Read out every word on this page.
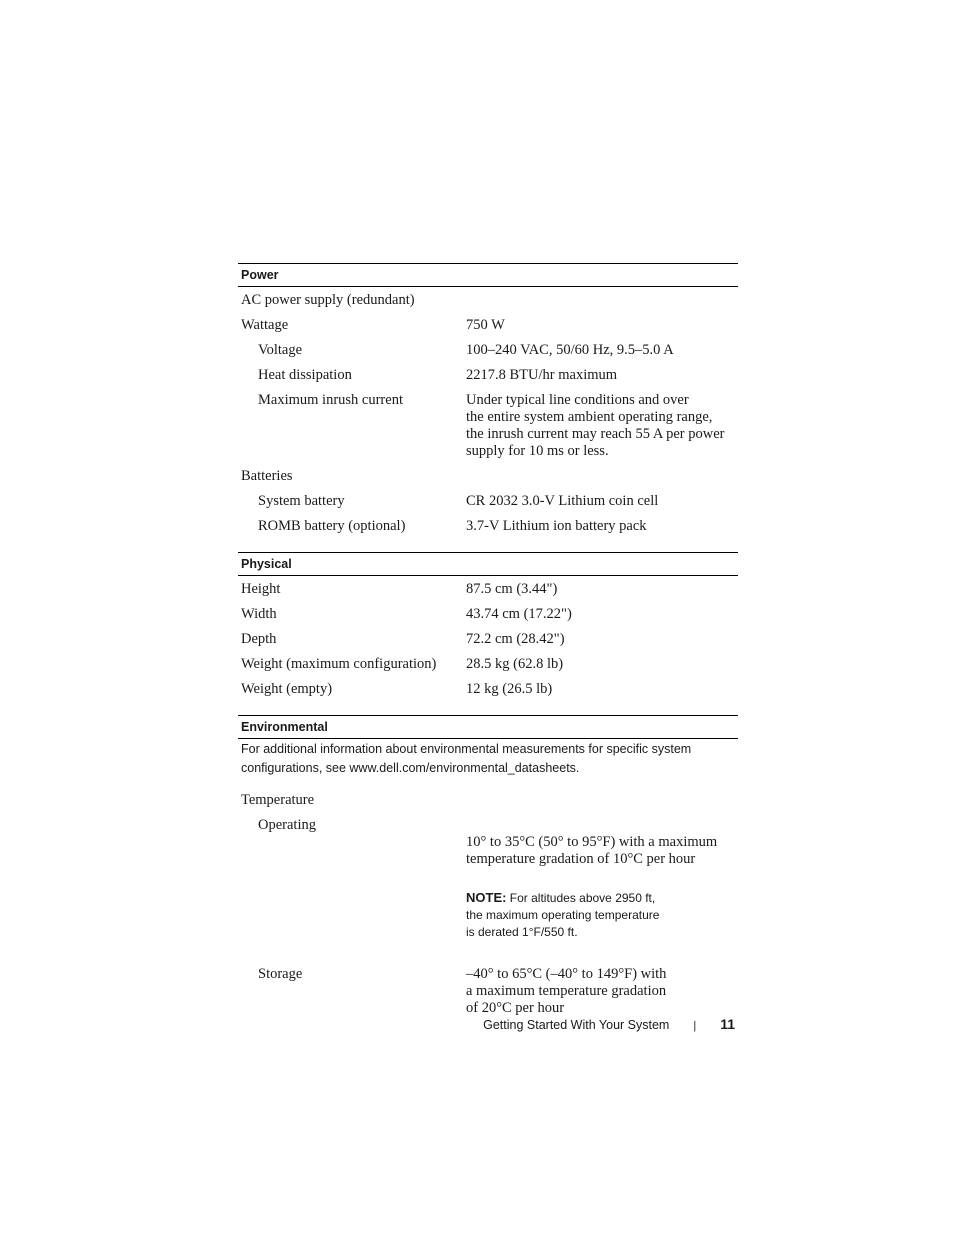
Power
AC power supply (redundant)
Wattage	750 W
Voltage	100–240 VAC, 50/60 Hz, 9.5–5.0 A
Heat dissipation	2217.8 BTU/hr maximum
Maximum inrush current	Under typical line conditions and over
the entire system ambient operating range,
the inrush current may reach 55 A per power
supply for 10 ms or less.
Batteries
System battery	CR 2032 3.0-V Lithium coin cell
ROMB battery (optional)	3.7-V Lithium ion battery pack
Physical
Height	87.5 cm (3.44")
Width	43.74 cm (17.22")
Depth	72.2 cm (28.42")
Weight (maximum configuration)	28.5 kg (62.8 lb)
Weight (empty)	12 kg (26.5 lb)
Environmental
For additional information about environmental measurements for specific system configurations, see www.dell.com/environmental_datasheets.
Temperature
Operating

10° to 35°C (50° to 95°F) with a maximum
temperature gradation of 10°C per hour

NOTE: For altitudes above 2950 ft,
the maximum operating temperature
is derated 1°F/550 ft.

Storage	–40° to 65°C (–40° to 149°F) with
a maximum temperature gradation
of 20°C per hour
Getting Started With Your System | 11
